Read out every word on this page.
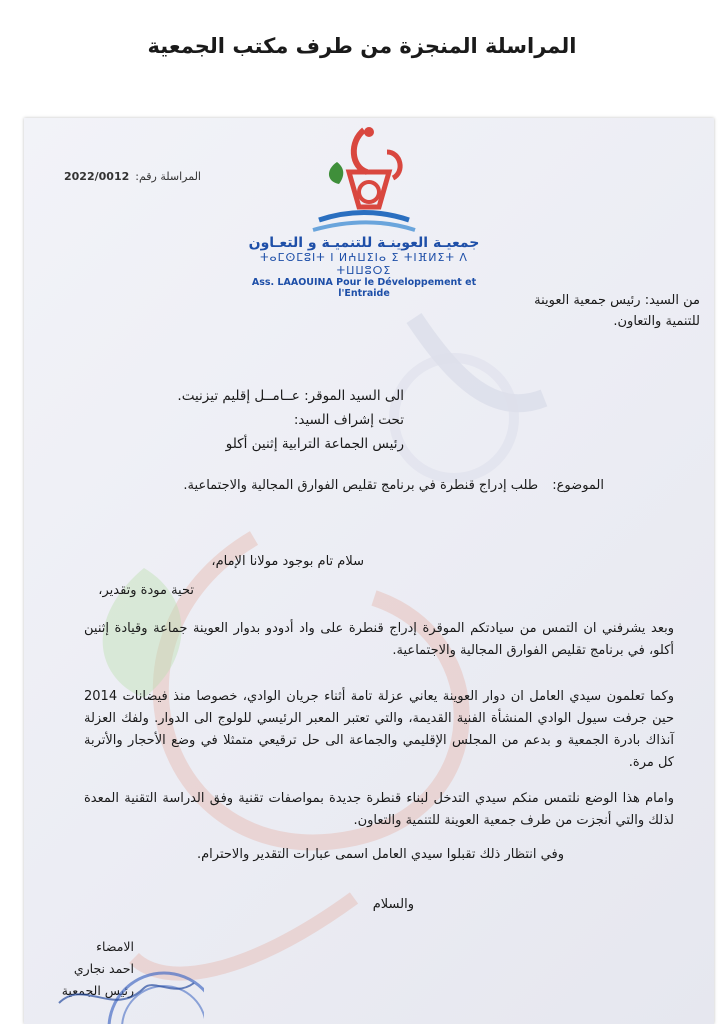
المراسلة المنجزة من طرف مكتب الجمعية
المراسلة رقم:
2022/0012
جمعيـة العوينـة للتنميـة و التعـاون
ⵜⴰⵎⵙⵎⵓⵏⵜ ⵏ ⵍⵄⵡⵉⵏⴰ ⵉ ⵜⵏⴼⵍⵉⵜ ⴷ ⵜⵡⵡⵓⵔⵉ
Ass. LAAOUINA Pour le Développement et l'Entraide	من السيد: رئيس جمعية العوينة
للتنمية والتعاون.
الى السيد الموقر: عــامــل إقليم تيزنيت.
تحت إشراف السيد:
رئيس الجماعة الترابية إثنين أكلو
الموضوع: طلب إدراج قنطرة في برنامج تقليص الفوارق المجالية والاجتماعية.
سلام تام بوجود مولانا الإمام،
تحية مودة وتقدير،
وبعد يشرفني ان التمس من سيادتكم الموقرة إدراج قنطرة على واد أدودو بدوار العوينة جماعة وقيادة إثنين أكلو، في برنامج تقليص الفوارق المجالية والاجتماعية.
وكما تعلمون سيدي العامل ان دوار العوينة يعاني عزلة تامة أثناء جريان الوادي، خصوصا منذ فيضانات 2014 حين جرفت سيول الوادي المنشأة الفنية القديمة، والتي تعتبر المعبر الرئيسي للولوج الى الدوار. ولفك العزلة آنذاك بادرة الجمعية و بدعم من المجلس الإقليمي والجماعة الى حل ترقيعي متمثلا في وضع الأحجار والأتربة كل مرة.
وامام هذا الوضع نلتمس منكم سيدي التدخل لبناء قنطرة جديدة بمواصفات تقنية وفق الدراسة التقنية المعدة لذلك والتي أنجزت من طرف جمعية العوينة للتنمية والتعاون.
وفي انتظار ذلك تقبلوا سيدي العامل اسمى عبارات التقدير والاحترام.
والسلام
الامضاء
احمد نجاري
رئيس الجمعية
